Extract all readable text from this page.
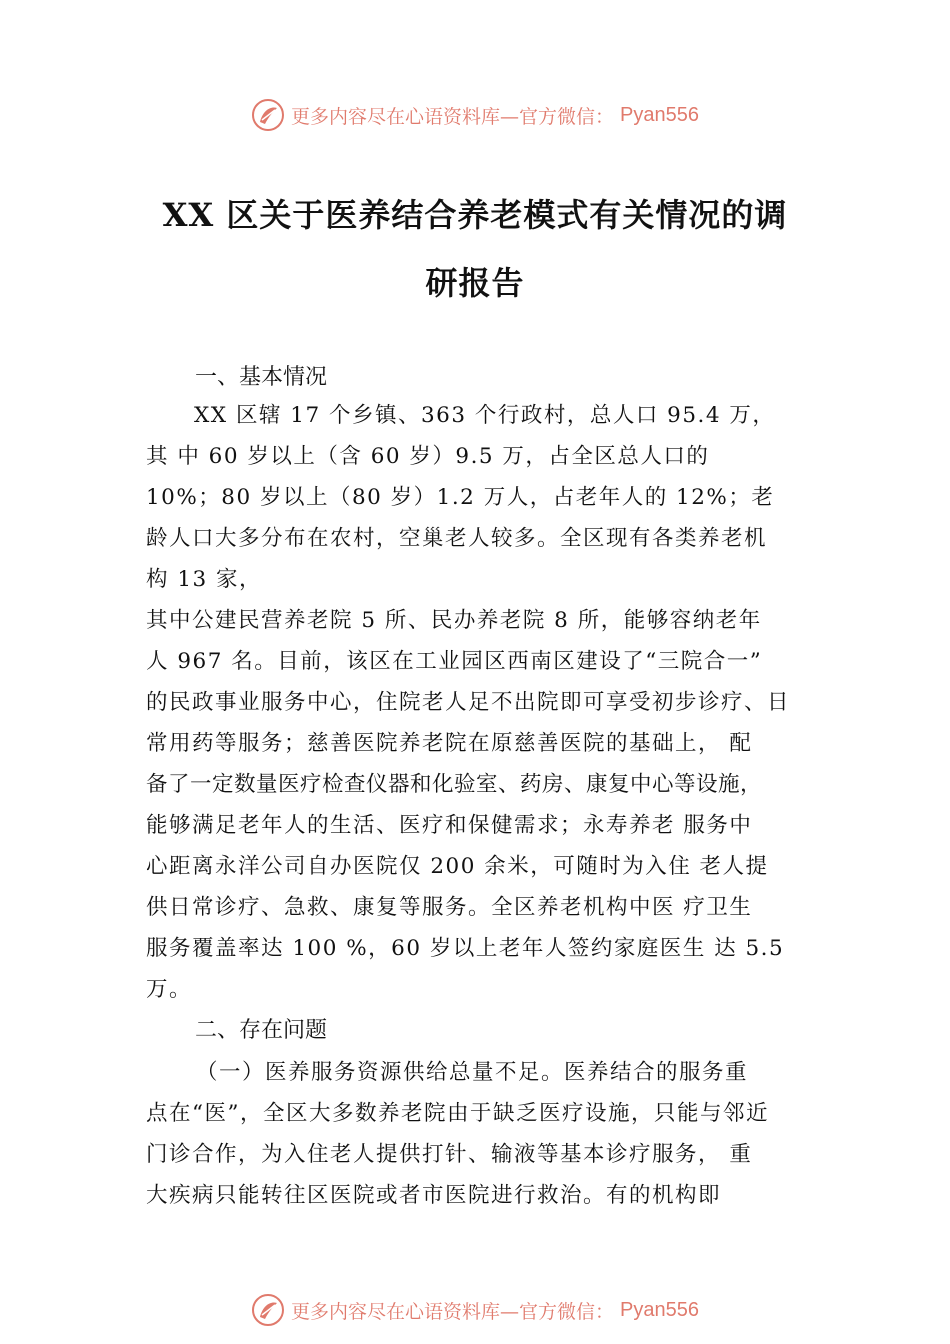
更多内容尽在心语资料库—官方微信： Pyan556
XX 区关于医养结合养老模式有关情况的调
研报告
一、基本情况

XX 区辖 17 个乡镇、363 个行政村，总人口 95.4 万，

其 中 60 岁以上（含 60 岁）9.5 万，占全区总人口的

10%；80 岁以上（80 岁）1.2 万人，占老年人的 12%；老

龄人口大多分布在农村，空巢老人较多。全区现有各类养老机

构 13 家，

其中公建民营养老院 5 所、民办养老院 8 所，能够容纳老年

人 967 名。目前，该区在工业园区西南区建设了“三院合一”

的民政事业服务中心，住院老人足不出院即可享受初步诊疗、日

常用药等服务；慈善医院养老院在原慈善医院的基础上， 配

备了一定数量医疗检查仪器和化验室、药房、康复中心等设施，

能够满足老年人的生活、医疗和保健需求；永寿养老 服务中

心距离永洋公司自办医院仅 200 余米，可随时为入住 老人提

供日常诊疗、急救、康复等服务。全区养老机构中医 疗卫生

服务覆盖率达 100 %，60 岁以上老年人签约家庭医生 达 5.5

万。

二、存在问题

（一）医养服务资源供给总量不足。医养结合的服务重

点在“医”，全区大多数养老院由于缺乏医疗设施，只能与邻近

门诊合作，为入住老人提供打针、输液等基本诊疗服务， 重

大疾病只能转往区医院或者市医院进行救治。有的机构即

更多内容尽在心语资料库—官方微信： Pyan556
